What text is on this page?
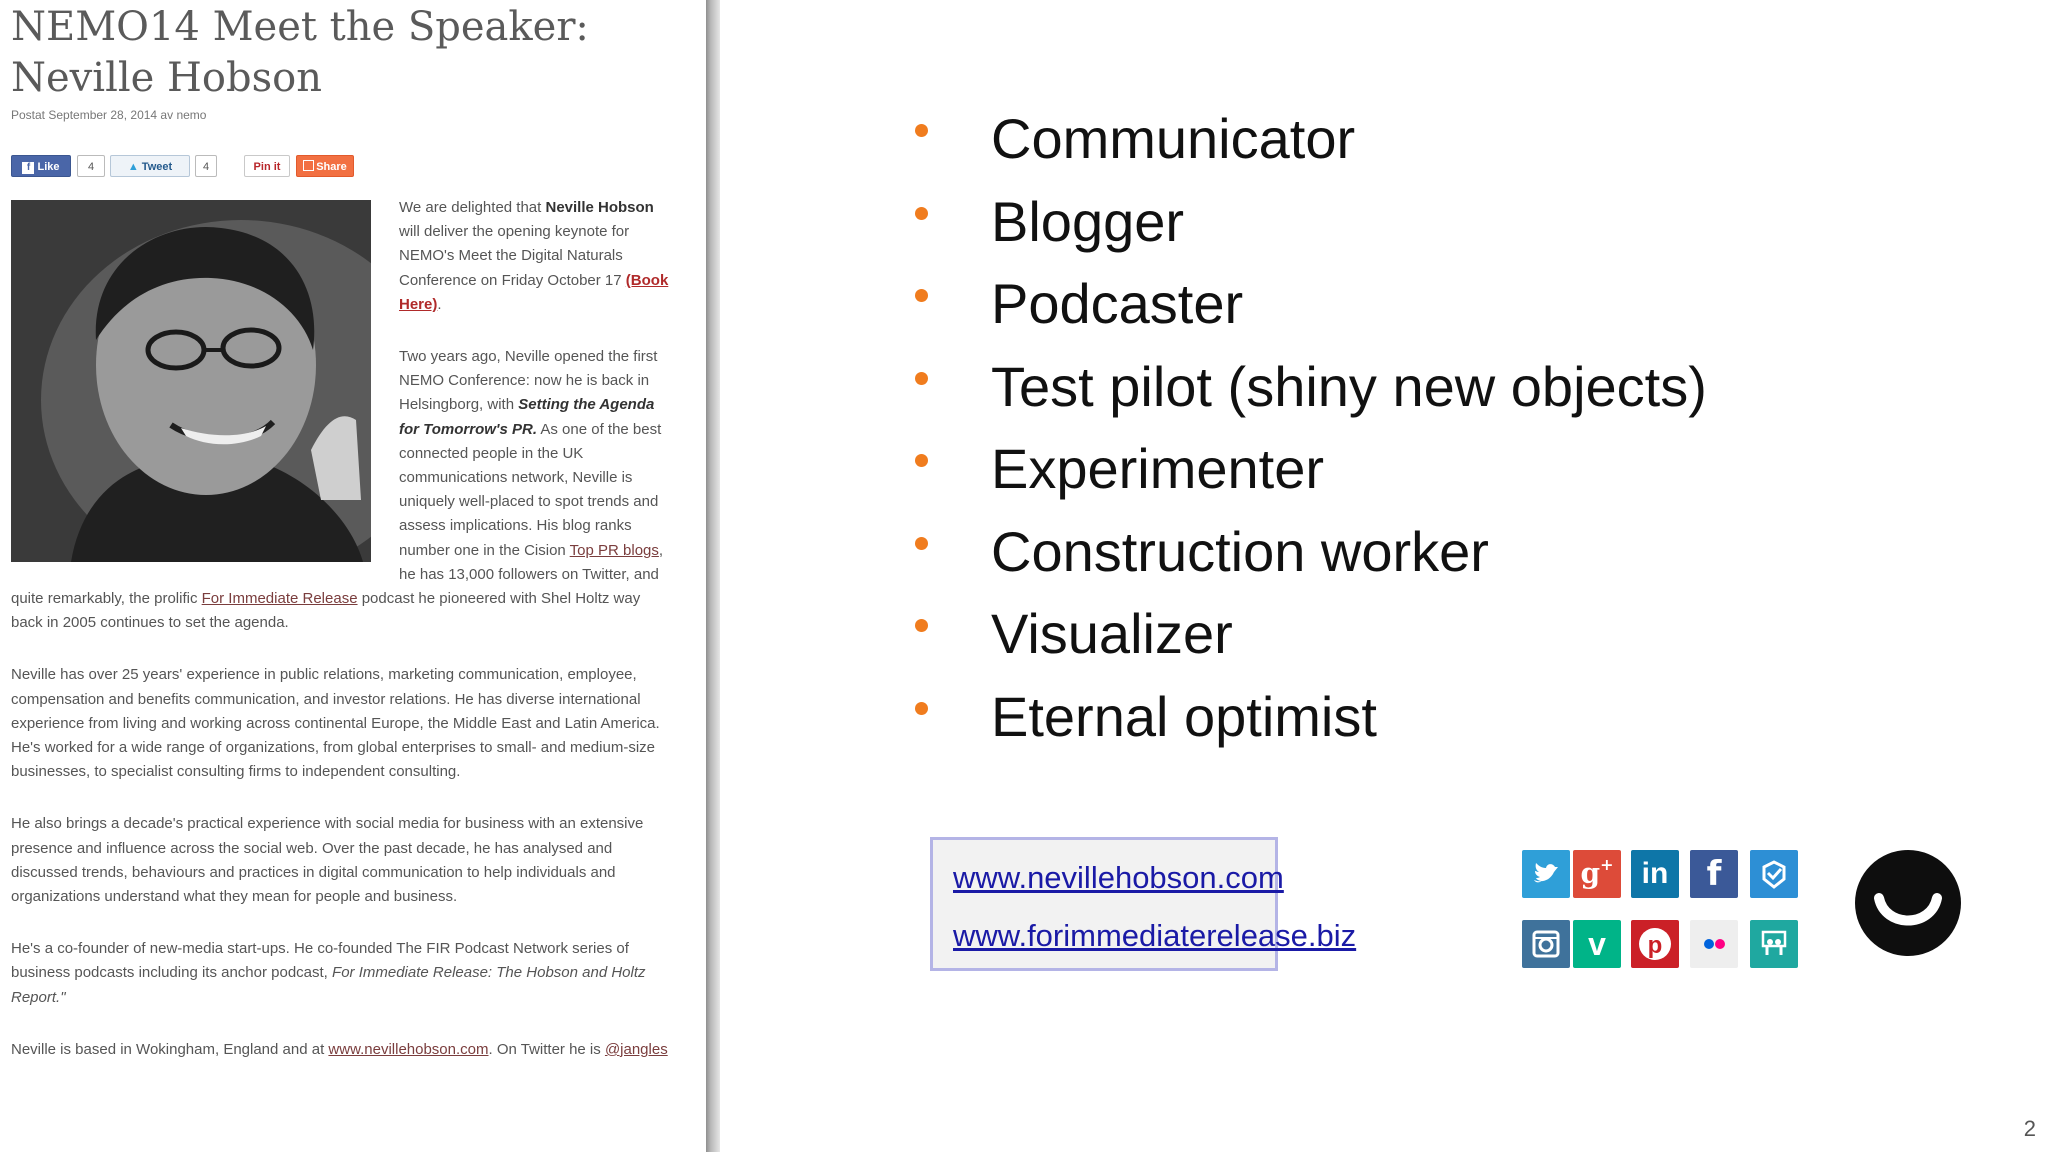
NEMO14 Meet the Speaker: Neville Hobson
Postat September 28, 2014 av nemo
f Like	4	▲ Tweet	4	Pin it	Share

We are delighted that Neville Hobson will deliver the opening keynote for NEMO's Meet the Digital Naturals Conference on Friday October 17 (Book Here).

Two years ago, Neville opened the first NEMO Conference: now he is back in Helsingborg, with Setting the Agenda for Tomorrow's PR. As one of the best connected people in the UK communications network, Neville is uniquely well-placed to spot trends and assess implications. His blog ranks number one in the Cision Top PR blogs, he has 13,000 followers on Twitter, and quite remarkably, the prolific For Immediate Release podcast he pioneered with Shel Holtz way back in 2005 continues to set the agenda.

Neville has over 25 years' experience in public relations, marketing communication, employee, compensation and benefits communication, and investor relations. He has diverse international experience from living and working across continental Europe, the Middle East and Latin America. He's worked for a wide range of organizations, from global enterprises to small- and medium-size businesses, to specialist consulting firms to independent consulting.

He also brings a decade's practical experience with social media for business with an extensive presence and influence across the social web. Over the past decade, he has analysed and discussed trends, behaviours and practices in digital communication to help individuals and organizations understand what they mean for people and business.

He's a co-founder of new-media start-ups. He co-founded The FIR Podcast Network series of business podcasts including its anchor podcast, For Immediate Release: The Hobson and Holtz Report."

Neville is based in Wokingham, England and at www.nevillehobson.com. On Twitter he is @jangles

Communicator
Blogger
Podcaster
Test pilot (shiny new objects)
Experimenter
Construction worker
Visualizer
Eternal optimist
www.nevillehobson.com
www.forimmediaterelease.biz
g+ in	f
v	p
2
